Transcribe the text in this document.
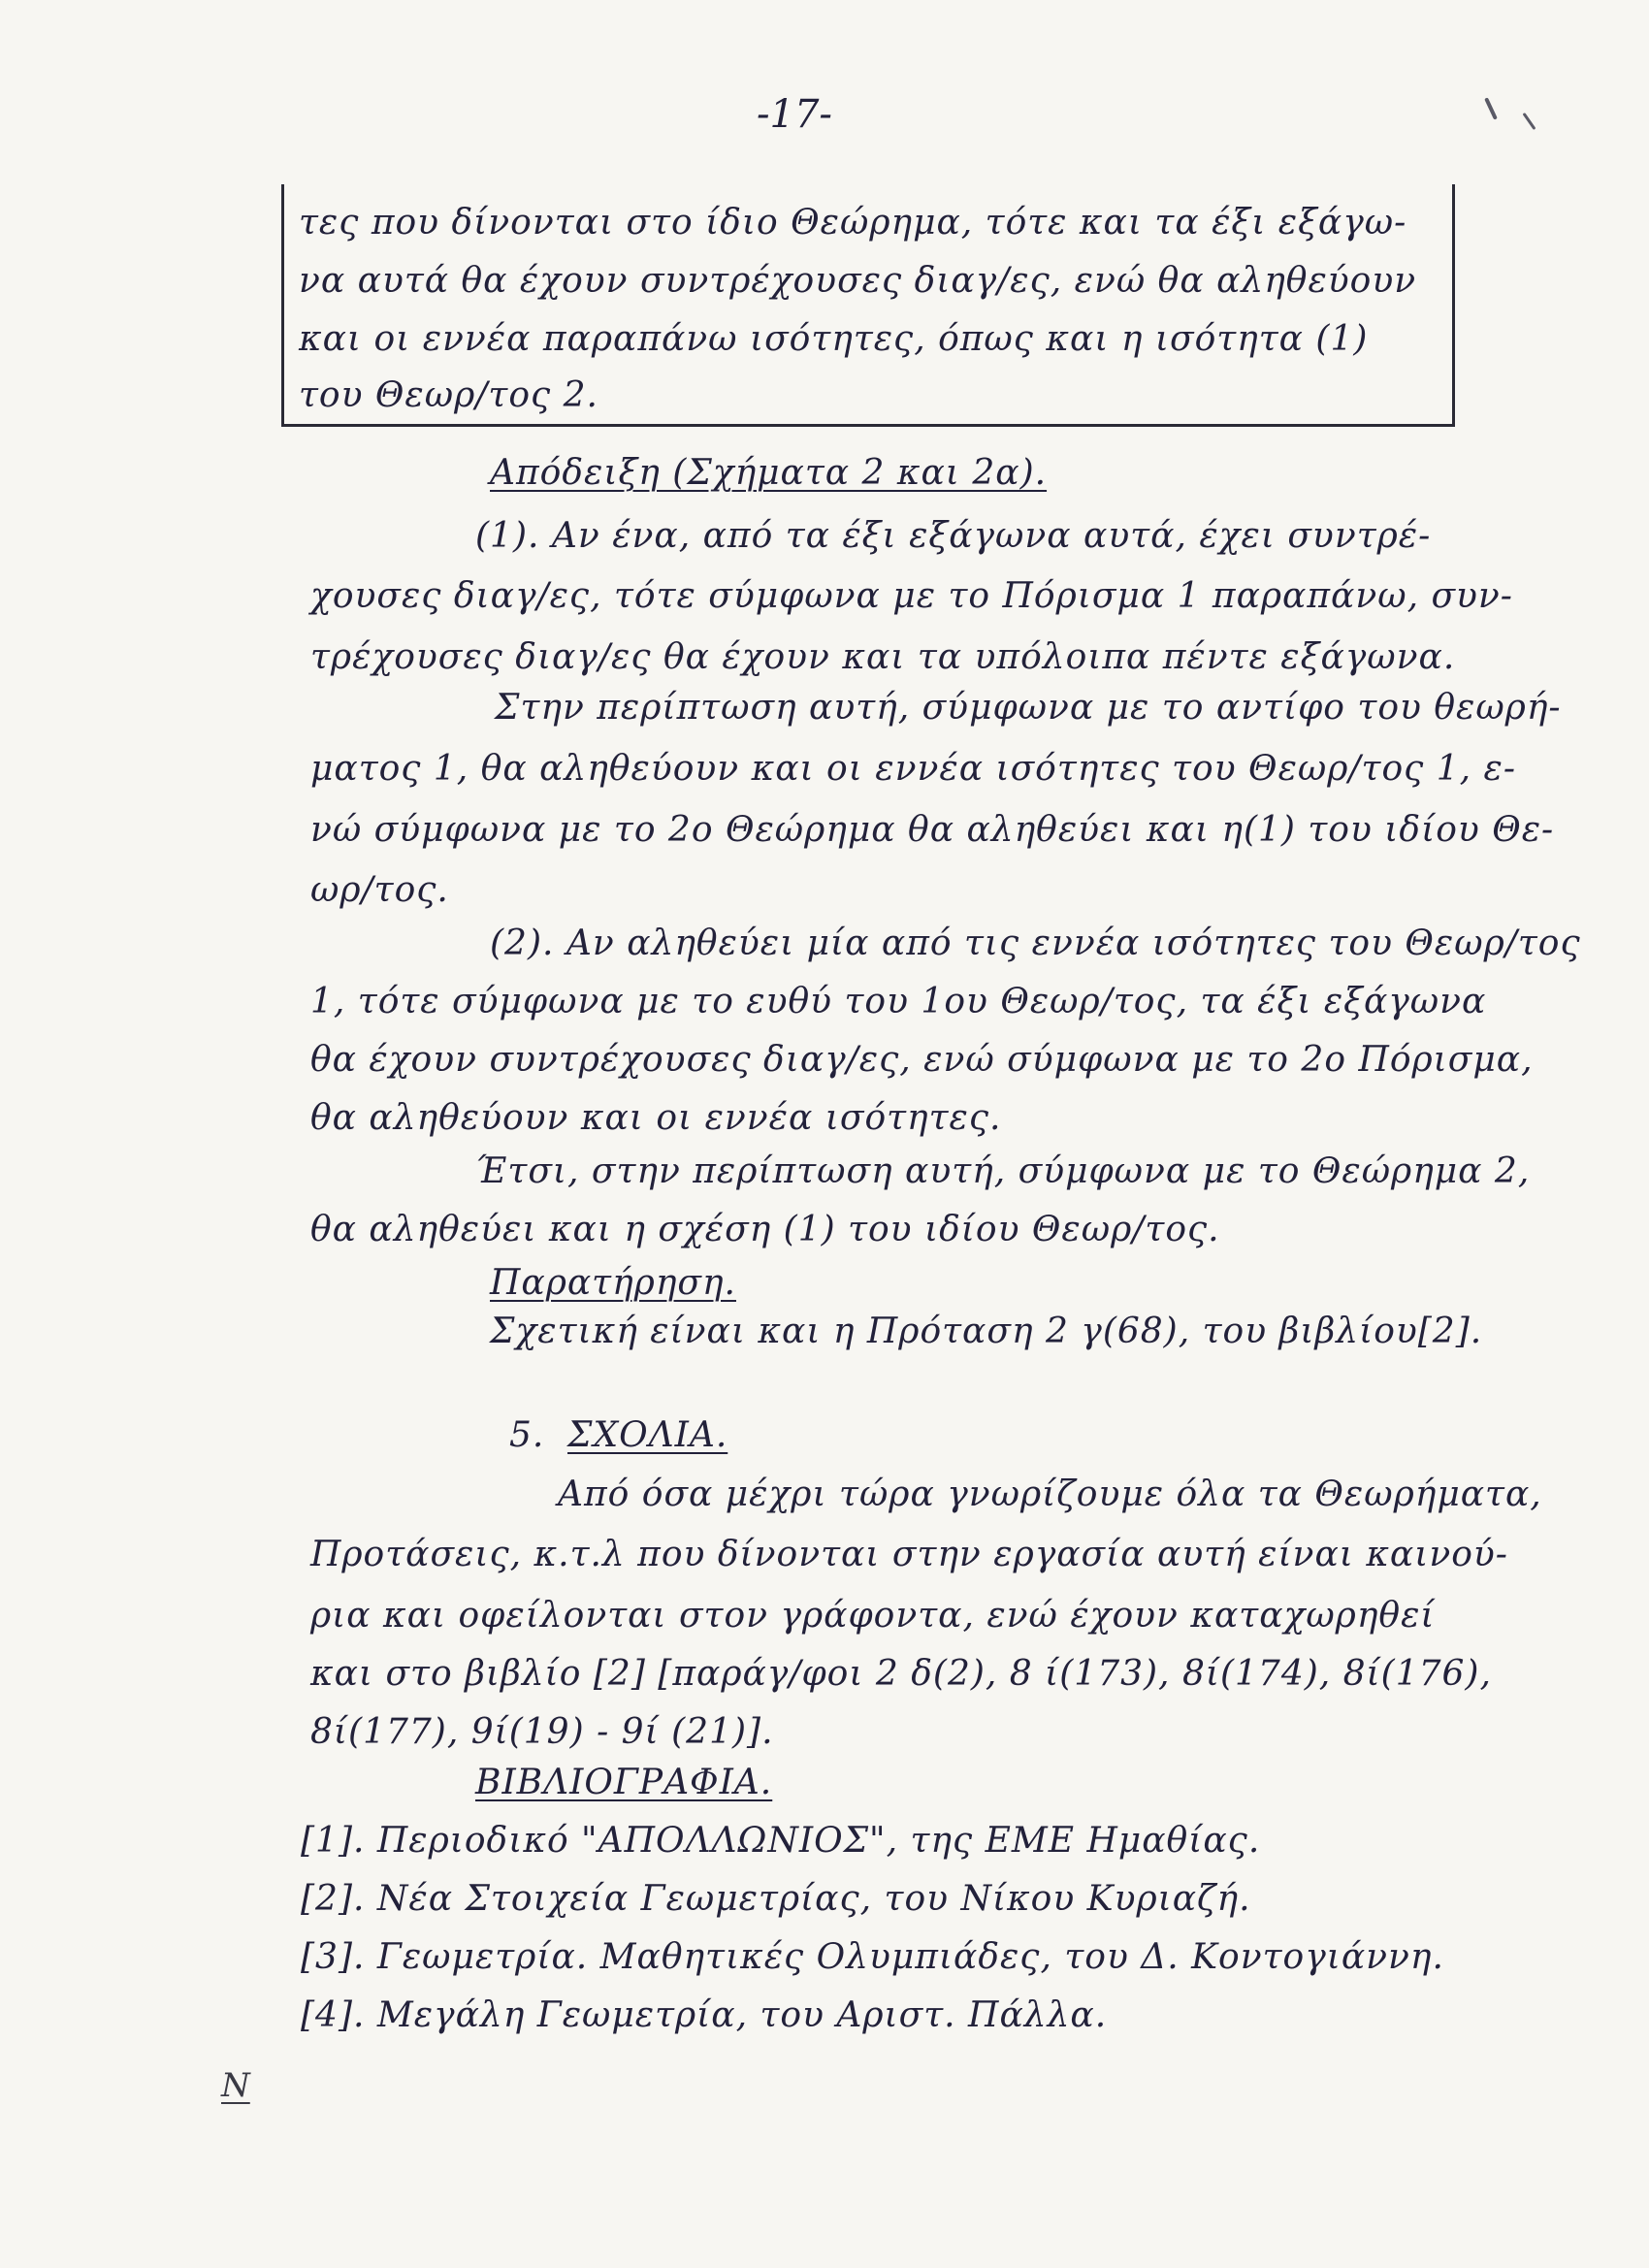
-17-
τες που δίνονται στο ίδιο Θεώρημα, τότε και τα έξι εξάγω-
να αυτά θα έχουν συντρέχουσες διαγ/ες, ενώ θα αληθεύουν
και οι εννέα παραπάνω ισότητες, όπως και η ισότητα (1)
του Θεωρ/τος 2.
Απόδειξη (Σχήματα 2 και 2α).
(1). Αν ένα, από τα έξι εξάγωνα αυτά, έχει συντρέ-
χουσες διαγ/ες, τότε σύμφωνα με το Πόρισμα 1 παραπάνω, συν-
τρέχουσες διαγ/ες θα έχουν και τα υπόλοιπα πέντε εξάγωνα.
Στην περίπτωση αυτή, σύμφωνα με το αντίφο του θεωρή-
ματος 1, θα αληθεύουν και οι εννέα ισότητες του Θεωρ/τος 1, ε-
νώ σύμφωνα με το 2ο Θεώρημα θα αληθεύει και η(1) του ιδίου Θε-
ωρ/τος.
(2). Αν αληθεύει μία από τις εννέα ισότητες του Θεωρ/τος
1, τότε σύμφωνα με το ευθύ του 1ου Θεωρ/τος, τα έξι εξάγωνα
θα έχουν συντρέχουσες διαγ/ες, ενώ σύμφωνα με το 2ο Πόρισμα,
θα αληθεύουν και οι εννέα ισότητες.
Έτσι, στην περίπτωση αυτή, σύμφωνα με το Θεώρημα 2,
θα αληθεύει και η σχέση (1) του ιδίου Θεωρ/τος.
Παρατήρηση.
Σχετική είναι και η Πρόταση 2 γ(68), του βιβλίου[2].
5. ΣΧΟΛΙΑ.
Από όσα μέχρι τώρα γνωρίζουμε όλα τα Θεωρήματα,
Προτάσεις, κ.τ.λ που δίνονται στην εργασία αυτή είναι καινού-
ρια και οφείλονται στον γράφοντα, ενώ έχουν καταχωρηθεί
και στο βιβλίο [2] [παράγ/φοι 2 δ(2), 8 ί(173), 8ί(174), 8ί(176),
8ί(177), 9ί(19) - 9ί (21)].
ΒΙΒΛΙΟΓΡΑΦΙΑ.
[1]. Περιοδικό "ΑΠΟΛΛΩΝΙΟΣ", της ΕΜΕ Ημαθίας.
[2]. Νέα Στοιχεία Γεωμετρίας, του Νίκου Κυριαζή.
[3]. Γεωμετρία. Μαθητικές Ολυμπιάδες, του Δ. Κοντογιάννη.
[4]. Μεγάλη Γεωμετρία, του Αριστ. Πάλλα.
N
